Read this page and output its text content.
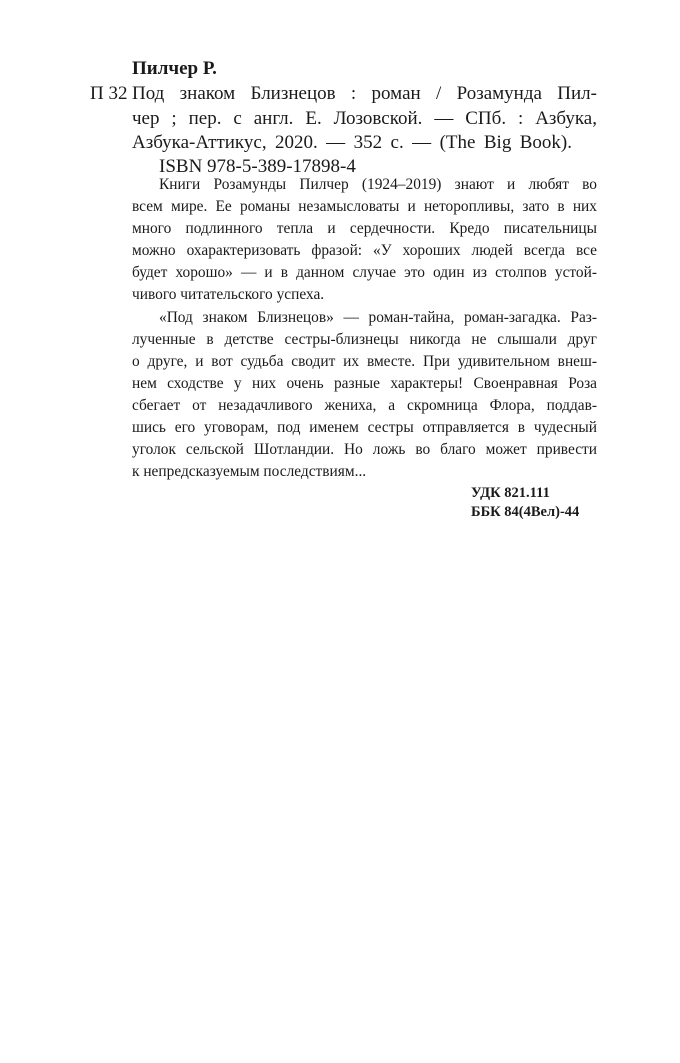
Пилчер Р.
П 32 Под знаком Близнецов : роман / Розамунда Пил-
чер ; пер. с англ. Е. Лозовской. — СПб. : Азбука,
Азбука-Аттикус, 2020. — 352 с. — (The Big Book).
ISBN 978-5-389-17898-4
Книги Розамунды Пилчер (1924–2019) знают и любят во
всем мире. Ее романы незамысловаты и неторопливы, зато в них
много подлинного тепла и сердечности. Кредо писательницы
можно охарактеризовать фразой: «У хороших людей всегда все
будет хорошо» — и в данном случае это один из столпов устой-
чивого читательского успеха.
«Под знаком Близнецов» — роман-тайна, роман-загадка. Раз-
лученные в детстве сестры-близнецы никогда не слышали друг
о друге, и вот судьба сводит их вместе. При удивительном внеш-
нем сходстве у них очень разные характеры! Своенравная Роза
сбегает от незадачливого жениха, а скромница Флора, поддав-
шись его уговорам, под именем сестры отправляется в чудесный
уголок сельской Шотландии. Но ложь во благо может привести
к непредсказуемым последствиям...
УДК 821.111
ББК 84(4Вел)-44
